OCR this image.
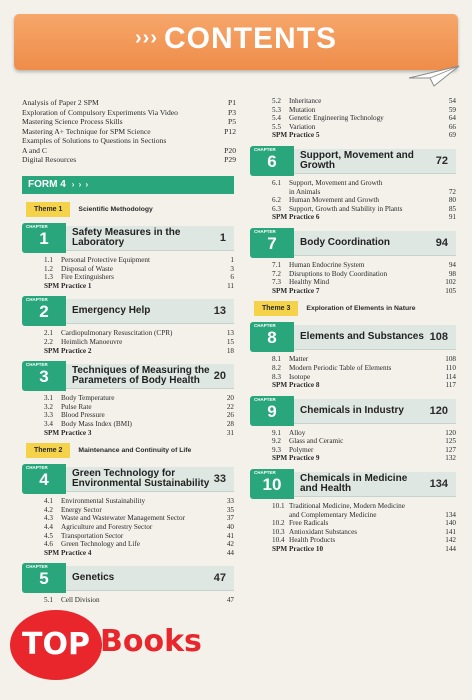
››› CONTENTS
Analysis of Paper 2 SPM	P1
Exploration of Compulsory Experiments Via Video	P3
Mastering Science Process Skills	P5
Mastering A+ Technique for SPM Science	P12
Examples of Solutions to Questions in Sections
A and C	P20
Digital Resources	P29
FORM 4 › › ›
Theme 1	Scientific Methodology
CHAPTER
1	Safety Measures in the
Laboratory	1
1.1	Personal Protective Equipment	1
1.2	Disposal of Waste	3
1.3	Fire Extinguishers	6
SPM Practice 1	11
CHAPTER
2	Emergency Help	13
2.1	Cardiopulmonary Resuscitation (CPR)	13
2.2	Heimlich Manoeuvre	15
SPM Practice 2	18
CHAPTER
3	Techniques of Measuring the
Parameters of Body Health	20
3.1	Body Temperature	20
3.2	Pulse Rate	22
3.3	Blood Pressure	26
3.4	Body Mass Index (BMI)	28
SPM Practice 3	31
Theme 2	Maintenance and Continuity of Life
CHAPTER
4	Green Technology for
Environmental Sustainability 33
4.1	Environmental Sustainability	33
4.2	Energy Sector	35
4.3	Waste and Wastewater Management Sector	37
4.4	Agriculture and Forestry Sector	40
4.5	Transportation Sector	41
4.6	Green Technology and Life	42
SPM Practice 4	44
CHAPTER
5	Genetics	47
5.1	Cell Division	47
5.2	Inheritance	54
5.3	Mutation	59
5.4	Genetic Engineering Technology	64
5.5	Variation	66
SPM Practice 5	69
CHAPTER
6	Support, Movement and
Growth	72
6.1	Support, Movement and Growth
in Animals	72
6.2	Human Movement and Growth	80
6.3	Support, Growth and Stability in Plants	85
SPM Practice 6	91
CHAPTER
7	Body Coordination	94
7.1	Human Endocrine System	94
7.2	Disruptions to Body Coordination	98
7.3	Healthy Mind	102
SPM Practice 7	105
Theme 3	Exploration of Elements in Nature
CHAPTER
8	Elements and Substances 108
8.1	Matter	108
8.2	Modern Periodic Table of Elements	110
8.3	Isotope	114
SPM Practice 8	117
CHAPTER
9	Chemicals in Industry 120
9.1	Alloy	120
9.2	Glass and Ceramic	125
9.3	Polymer	127
SPM Practice 9	132
CHAPTER
10	Chemicals in Medicine
and Health	134
10.1 Traditional Medicine, Modern Medicine
and Complementary Medicine	134
10.2 Free Radicals	140
10.3 Antioxidant Substances	141
10.4 Health Products	142
SPM Practice 10	144
TOP Books
